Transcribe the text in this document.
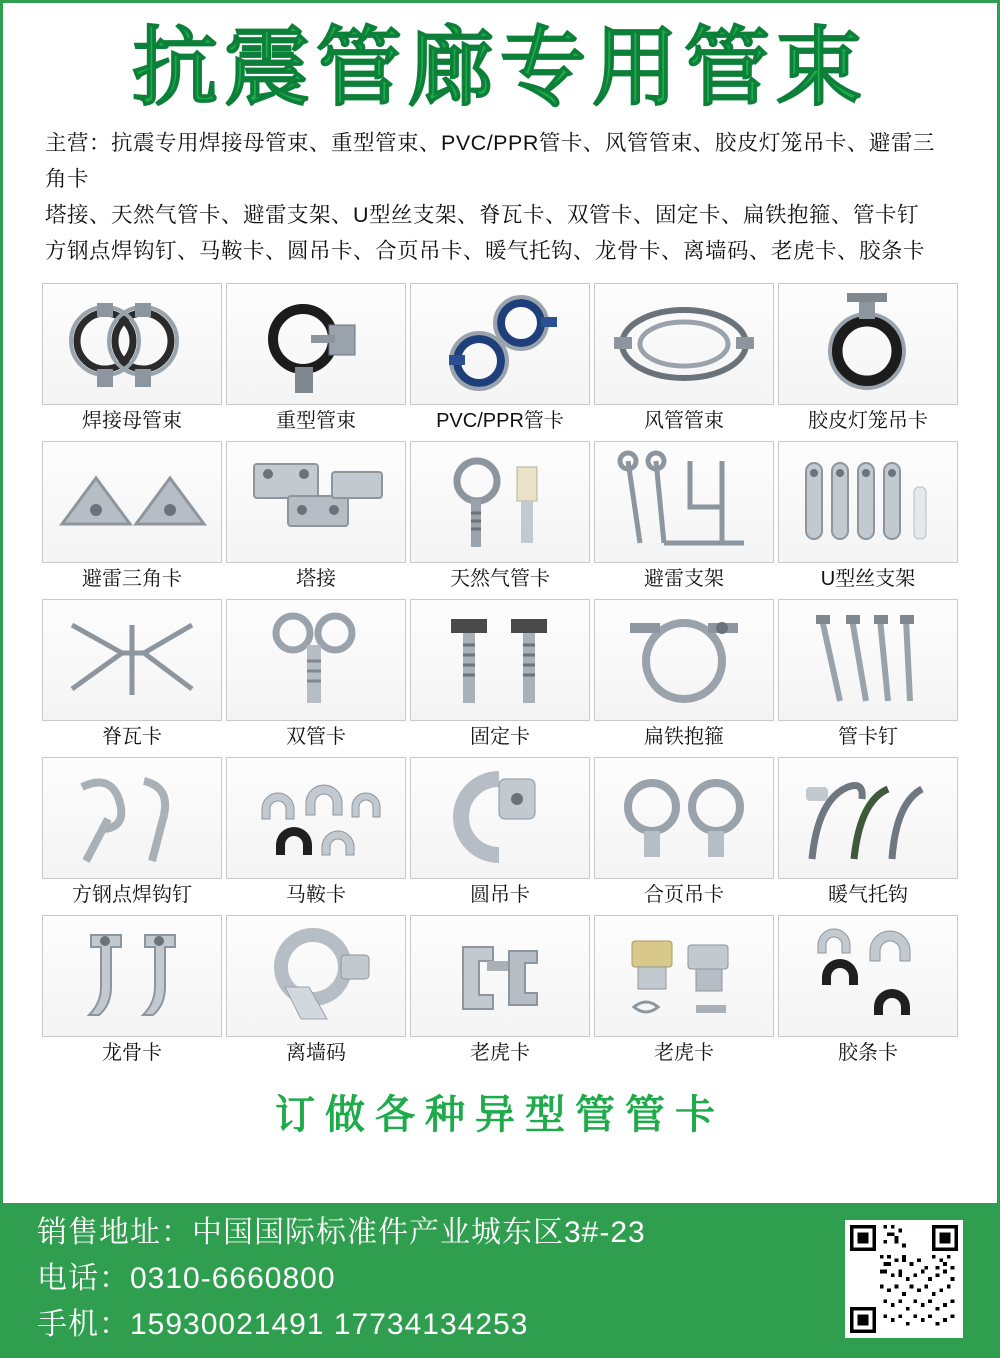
抗震管廊专用管束
主营：抗震专用焊接母管束、重型管束、PVC/PPR管卡、风管管束、胶皮灯笼吊卡、避雷三角卡
塔接、天然气管卡、避雷支架、U型丝支架、脊瓦卡、双管卡、固定卡、扁铁抱箍、管卡钉
方钢点焊钩钉、马鞍卡、圆吊卡、合页吊卡、暖气托钩、龙骨卡、离墙码、老虎卡、胶条卡
焊接母管束	重型管束	PVC/PPR管卡	风管管束	胶皮灯笼吊卡
避雷三角卡	塔接	天然气管卡	避雷支架	U型丝支架
脊瓦卡	双管卡	固定卡	扁铁抱箍	管卡钉
方钢点焊钩钉	马鞍卡	圆吊卡	合页吊卡	暖气托钩
龙骨卡	离墙码	老虎卡	老虎卡	胶条卡
订做各种异型管管卡
销售地址：中国国际标准件产业城东区3#-23
电话：0310-6660800
手机：15930021491 17734134253
